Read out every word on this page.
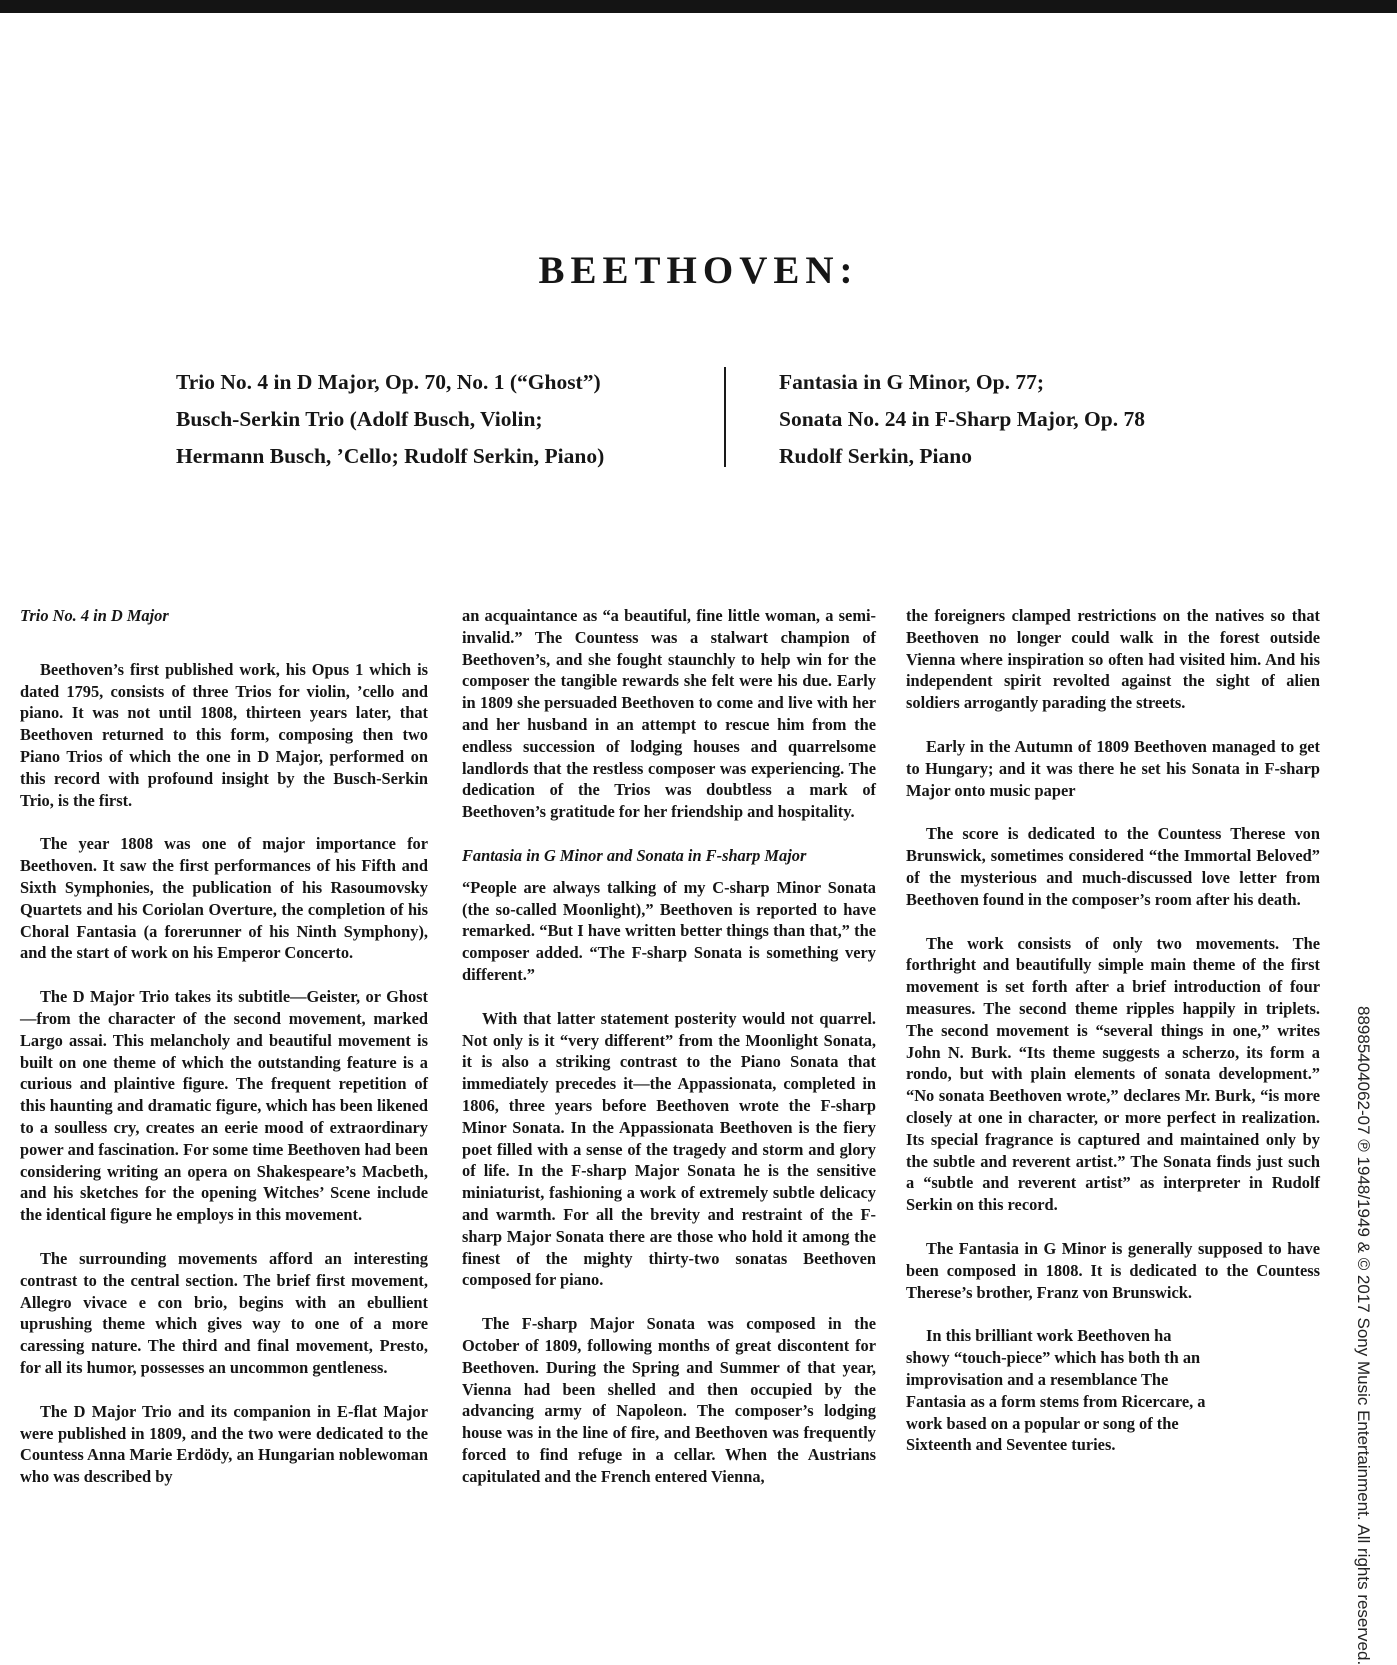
BEETHOVEN:
Trio No. 4 in D Major, Op. 70, No. 1 (“Ghost”)
Busch-Serkin Trio (Adolf Busch, Violin;
Hermann Busch, ’Cello; Rudolf Serkin, Piano)
Fantasia in G Minor, Op. 77;
Sonata No. 24 in F-Sharp Major, Op. 78
Rudolf Serkin, Piano
Trio No. 4 in D Major

Beethoven’s first published work, his Opus 1 which is dated 1795, consists of three Trios for violin, ’cello and piano. It was not until 1808, thirteen years later, that Beethoven returned to this form, composing then two Piano Trios of which the one in D Major, performed on this record with profound insight by the Busch-Serkin Trio, is the first.

The year 1808 was one of major importance for Beethoven. It saw the first performances of his Fifth and Sixth Symphonies, the publication of his Rasoumovsky Quartets and his Coriolan Overture, the completion of his Choral Fantasia (a forerunner of his Ninth Symphony), and the start of work on his Emperor Concerto.

The D Major Trio takes its subtitle—Geister, or Ghost—from the character of the second movement, marked Largo assai. This melancholy and beautiful movement is built on one theme of which the outstanding feature is a curious and plaintive figure. The frequent repetition of this haunting and dramatic figure, which has been likened to a soulless cry, creates an eerie mood of extraordinary power and fascination. For some time Beethoven had been considering writing an opera on Shakespeare’s Macbeth, and his sketches for the opening Witches’ Scene include the identical figure he employs in this movement.

The surrounding movements afford an interesting contrast to the central section. The brief first movement, Allegro vivace e con brio, begins with an ebullient uprushing theme which gives way to one of a more caressing nature. The third and final movement, Presto, for all its humor, possesses an uncommon gentleness.

The D Major Trio and its companion in E-flat Major were published in 1809, and the two were dedicated to the Countess Anna Marie Erdödy, an Hungarian noblewoman who was described by

an acquaintance as “a beautiful, fine little woman, a semi-invalid.” The Countess was a stalwart champion of Beethoven’s, and she fought staunchly to help win for the composer the tangible rewards she felt were his due. Early in 1809 she persuaded Beethoven to come and live with her and her husband in an attempt to rescue him from the endless succession of lodging houses and quarrelsome landlords that the restless composer was experiencing. The dedication of the Trios was doubtless a mark of Beethoven’s gratitude for her friendship and hospitality.

Fantasia in G Minor and Sonata in F-sharp Major

“People are always talking of my C-sharp Minor Sonata (the so-called Moonlight),” Beethoven is reported to have remarked. “But I have written better things than that,” the composer added. “The F-sharp Sonata is something very different.”

With that latter statement posterity would not quarrel. Not only is it “very different” from the Moonlight Sonata, it is also a striking contrast to the Piano Sonata that immediately precedes it—the Appassionata, completed in 1806, three years before Beethoven wrote the F-sharp Minor Sonata. In the Appassionata Beethoven is the fiery poet filled with a sense of the tragedy and storm and glory of life. In the F-sharp Major Sonata he is the sensitive miniaturist, fashioning a work of extremely subtle delicacy and warmth. For all the brevity and restraint of the F-sharp Major Sonata there are those who hold it among the finest of the mighty thirty-two sonatas Beethoven composed for piano.

The F-sharp Major Sonata was composed in the October of 1809, following months of great discontent for Beethoven. During the Spring and Summer of that year, Vienna had been shelled and then occupied by the advancing army of Napoleon. The composer’s lodging house was in the line of fire, and Beethoven was frequently forced to find refuge in a cellar. When the Austrians capitulated and the French entered Vienna,

the foreigners clamped restrictions on the natives so that Beethoven no longer could walk in the forest outside Vienna where inspiration so often had visited him. And his independent spirit revolted against the sight of alien soldiers arrogantly parading the streets.

Early in the Autumn of 1809 Beethoven managed to get to Hungary; and it was there he set his Sonata in F-sharp Major onto music paper

The score is dedicated to the Countess Therese von Brunswick, sometimes considered “the Immortal Beloved” of the mysterious and much-discussed love letter from Beethoven found in the composer’s room after his death.

The work consists of only two movements. The forthright and beautifully simple main theme of the first movement is set forth after a brief introduction of four measures. The second theme ripples happily in triplets. The second movement is “several things in one,” writes John N. Burk. “Its theme suggests a scherzo, its form a rondo, but with plain elements of sonata development.” “No sonata Beethoven wrote,” declares Mr. Burk, “is more closely at one in character, or more perfect in realization. Its special fragrance is captured and maintained only by the subtle and reverent artist.” The Sonata finds just such a “subtle and reverent artist” as interpreter in Rudolf Serkin on this record.

The Fantasia in G Minor is generally supposed to have been composed in 1808. It is dedicated to the Countess Therese’s brother, Franz von Brunswick.

In this brilliant work Beethoven ha showy “touch-piece” which has both th an improvisation and a resemblance The Fantasia as a form stems from Ricercare, a work based on a popular or song of the Sixteenth and Seventee turies.	88985404062-07 ℗ 1948/1949 & © 2017 Sony Music Entertainment. All rights reserved.
